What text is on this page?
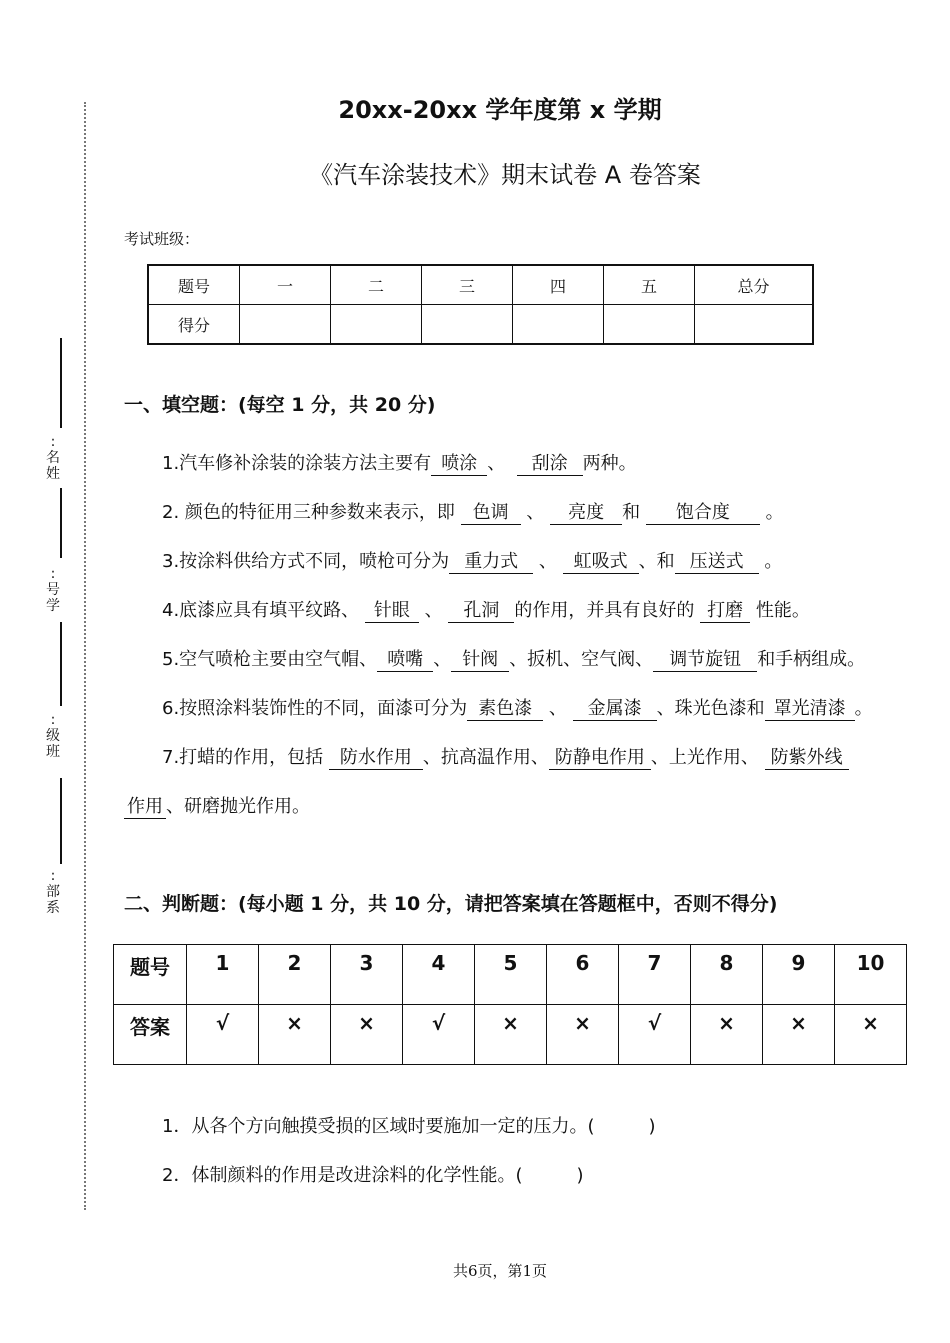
:
名
姓
:
号
学
:
级
班
:
部
系
20xx-20xx 学年度第 x 学期
《汽车涂装技术》期末试卷 A 卷答案
考试班级：
题号	一	二	三	四	五	总分
得分						
一、填空题：(每空 1 分，共 20 分)
1.汽车修补涂装的涂装方法主要有 喷涂 、 刮涂 两种。
2. 颜色的特征用三种参数来表示，即 色调 、 亮度 和 饱合度 。
3.按涂料供给方式不同，喷枪可分为 重力式 、 虹吸式 、和 压送式 。
4.底漆应具有填平纹路、 针眼 、 孔洞 的作用，并具有良好的 打磨 性能。
5.空气喷枪主要由空气帽、 喷嘴 、 针阀 、扳机、空气阀、 调节旋钮 和手柄组成。
6.按照涂料装饰性的不同，面漆可分为 素色漆 、 金属漆 、珠光色漆和 罩光清漆 。
7.打蜡的作用，包括 防水作用 、抗高温作用、 防静电作用 、上光作用、 防紫外线
作用 、研磨抛光作用。
二、判断题：(每小题 1 分，共 10 分，请把答案填在答题框中，否则不得分)
题号	1	2	3	4	5	6	7	8	9	10
答案	√	×	×	√	×	×	√	×	×	×
1．从各个方向触摸受损的区域时要施加一定的压力。(　　　)
2．体制颜料的作用是改进涂料的化学性能。(　　　)
共6页，第1页
